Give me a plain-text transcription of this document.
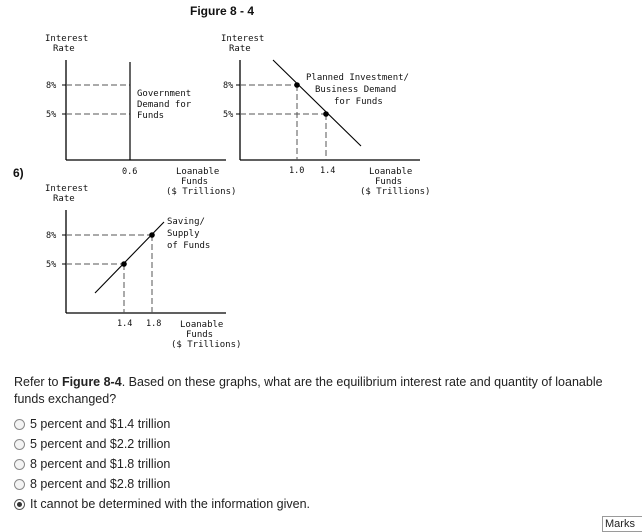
Figure 8 - 4
6)
Interest
Rate
8%
5%
Government
Demand for
Funds
0.6	Loanable
Funds
($ Trillions)
Interest
Rate
8%
5%
Planned Investment/
Business Demand
for Funds
1.0 1.4	Loanable
Funds
($ Trillions)
Interest
Rate
8%
5%
Saving/
Supply
of Funds
1.4 1.8 Loanable
Funds
($ Trillions)
Refer to Figure 8-4. Based on these graphs, what are the equilibrium interest rate and quantity of loanable funds exchanged?
5 percent and $1.4 trillion
5 percent and $2.2 trillion
8 percent and $1.8 trillion
8 percent and $2.8 trillion
It cannot be determined with the information given.
Marks
